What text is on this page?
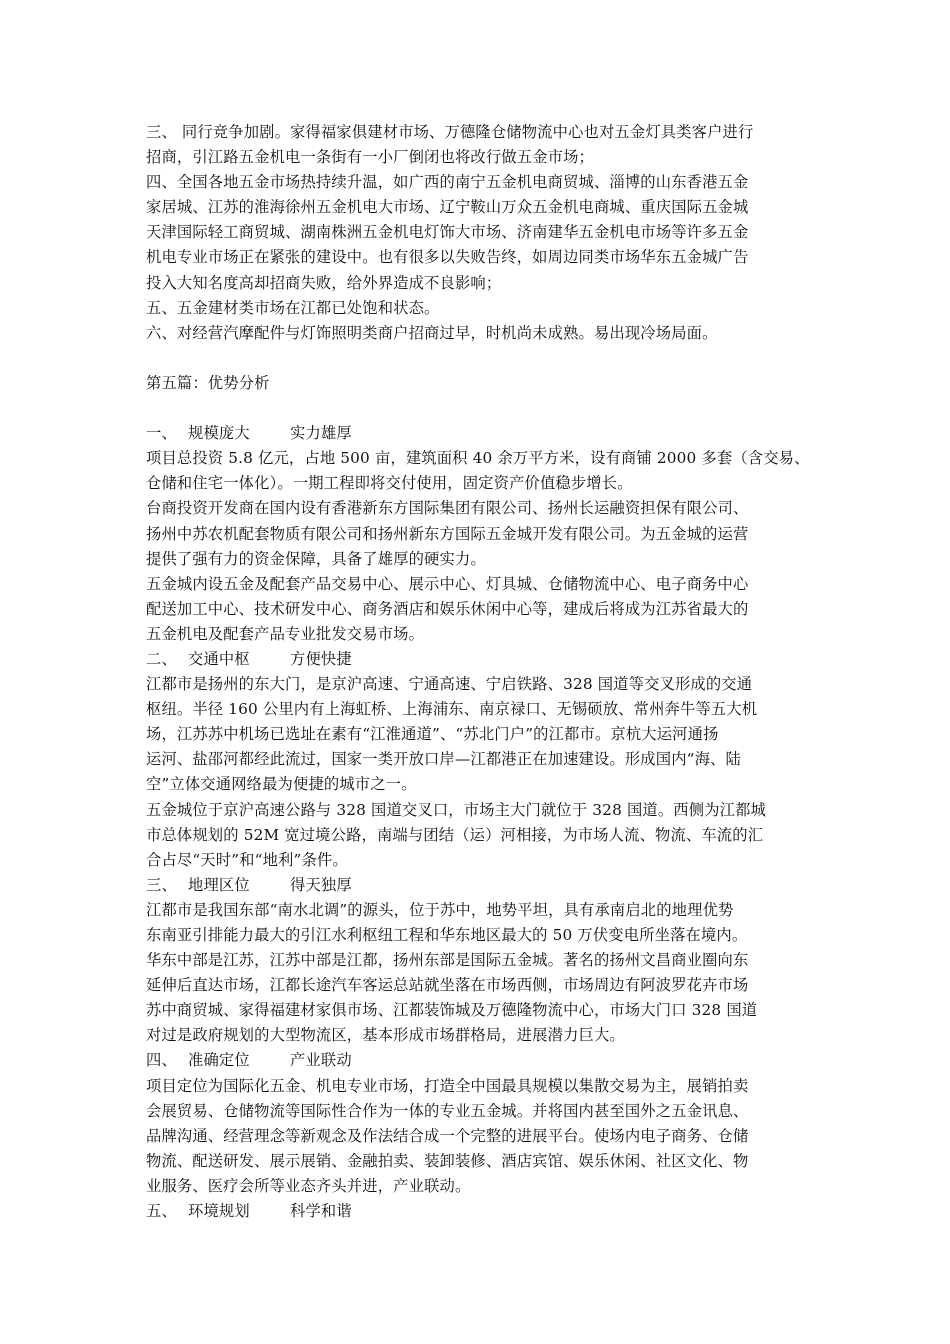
三、 同行竞争加剧。家得福家俱建材市场、万德隆仓储物流中心也对五金灯具类客户进行
招商，引江路五金机电一条街有一小厂倒闭也将改行做五金市场；
四、全国各地五金市场热持续升温，如广西的南宁五金机电商贸城、淄博的山东香港五金
家居城、江苏的淮海徐州五金机电大市场、辽宁鞍山万众五金机电商城、重庆国际五金城
天津国际轻工商贸城、湖南株洲五金机电灯饰大市场、济南建华五金机电市场等许多五金
机电专业市场正在紧张的建设中。也有很多以失败告终，如周边同类市场华东五金城广告
投入大知名度高却招商失败，给外界造成不良影响；
五、五金建材类市场在江都已处饱和状态。
六、对经营汽摩配件与灯饰照明类商户招商过早，时机尚未成熟。易出现冷场局面。
第五篇：优势分析
一、 规模庞大	实力雄厚
项目总投资 5.8 亿元，占地 500 亩，建筑面积 40 余万平方米，设有商铺 2000 多套（含交易、
仓储和住宅一体化）。一期工程即将交付使用，固定资产价值稳步增长。
台商投资开发商在国内设有香港新东方国际集团有限公司、扬州长运融资担保有限公司、
扬州中苏农机配套物质有限公司和扬州新东方国际五金城开发有限公司。为五金城的运营
提供了强有力的资金保障，具备了雄厚的硬实力。
五金城内设五金及配套产品交易中心、展示中心、灯具城、仓储物流中心、电子商务中心
配送加工中心、技术研发中心、商务酒店和娱乐休闲中心等，建成后将成为江苏省最大的
五金机电及配套产品专业批发交易市场。
二、 交通中枢	方便快捷
江都市是扬州的东大门，是京沪高速、宁通高速、宁启铁路、328 国道等交叉形成的交通
枢纽。半径 160 公里内有上海虹桥、上海浦东、南京禄口、无锡硕放、常州奔牛等五大机
场，江苏苏中机场已选址在素有“江淮通道”、“苏北门户”的江都市。京杭大运河通扬
运河、盐邵河都经此流过，国家一类开放口岸—江都港正在加速建设。形成国内“海、陆
空”立体交通网络最为便捷的城市之一。
五金城位于京沪高速公路与 328 国道交叉口，市场主大门就位于 328 国道。西侧为江都城
市总体规划的 52M 宽过境公路，南端与团结（运）河相接，为市场人流、物流、车流的汇
合占尽“天时”和“地利”条件。
三、 地理区位	得天独厚
江都市是我国东部“南水北调”的源头，位于苏中，地势平坦，具有承南启北的地理优势
东南亚引排能力最大的引江水利枢纽工程和华东地区最大的 50 万伏变电所坐落在境内。
华东中部是江苏，江苏中部是江都，扬州东部是国际五金城。著名的扬州文昌商业圈向东
延伸后直达市场，江都长途汽车客运总站就坐落在市场西侧，市场周边有阿波罗花卉市场
苏中商贸城、家得福建材家俱市场、江都装饰城及万德隆物流中心，市场大门口 328 国道
对过是政府规划的大型物流区，基本形成市场群格局，进展潜力巨大。
四、 准确定位	产业联动
项目定位为国际化五金、机电专业市场，打造全中国最具规模以集散交易为主，展销拍卖
会展贸易、仓储物流等国际性合作为一体的专业五金城。并将国内甚至国外之五金讯息、
品牌沟通、经营理念等新观念及作法结合成一个完整的进展平台。使场内电子商务、仓储
物流、配送研发、展示展销、金融拍卖、装卸装修、酒店宾馆、娱乐休闲、社区文化、物
业服务、医疗会所等业态齐头并进，产业联动。
五、 环境规划	科学和谐
